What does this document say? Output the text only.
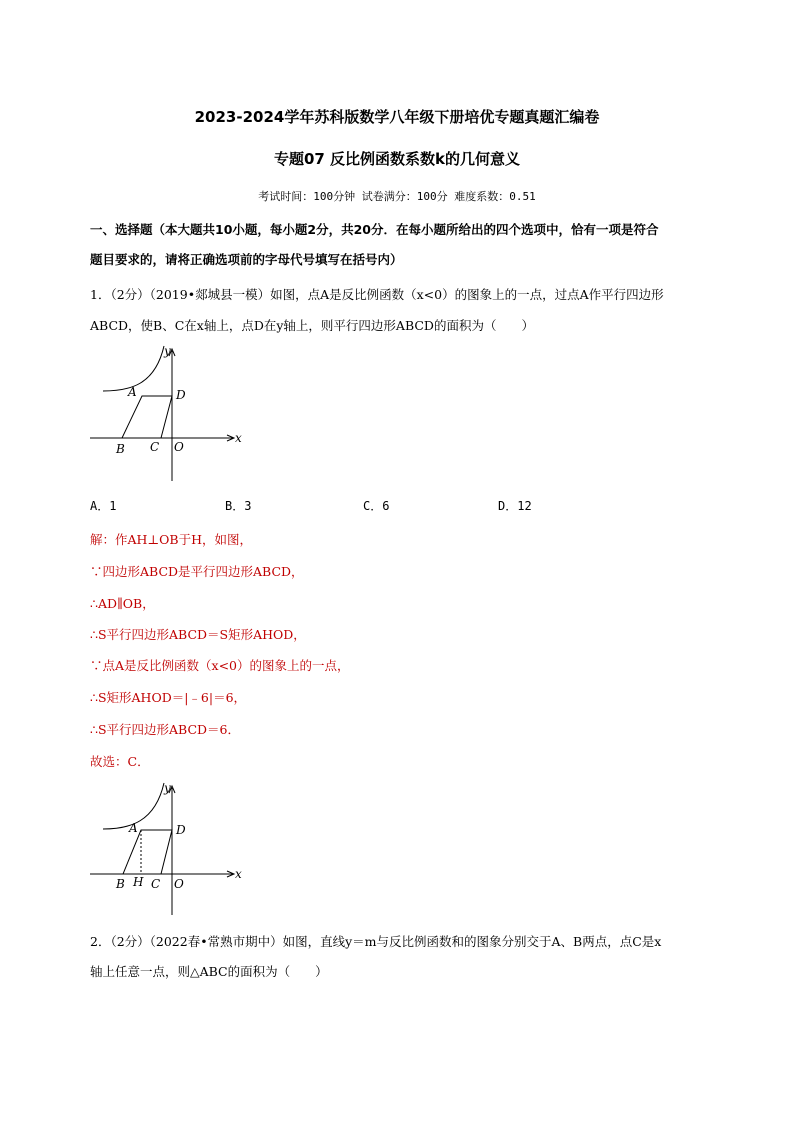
2023-2024学年苏科版数学八年级下册培优专题真题汇编卷
专题07 反比例函数系数k的几何意义
考试时间：100分钟 试卷满分：100分 难度系数：0.51
一、选择题（本大题共10小题，每小题2分，共20分．在每小题所给出的四个选项中，恰有一项是符合
题目要求的，请将正确选项前的字母代号填写在括号内）
1．（2分）（2019•郯城县一模）如图，点A是反比例函数（x<0）的图象上的一点，过点A作平行四边形
ABCD，使B、C在x轴上，点D在y轴上，则平行四边形ABCD的面积为（　　）
y
x
A	D
B C O
A．1	B．3	C．6	D．12
解：作AH⊥OB于H，如图，
∵四边形ABCD是平行四边形ABCD，
∴AD∥OB，
∴S平行四边形ABCD＝S矩形AHOD，
∵点A是反比例函数（x<0）的图象上的一点，
∴S矩形AHOD＝|﹣6|＝6，
∴S平行四边形ABCD＝6．
故选：C．
y
x
A	D
B H C O
2．（2分）（2022春•常熟市期中）如图，直线y＝m与反比例函数和的图象分别交于A、B两点，点C是x
轴上任意一点，则△ABC的面积为（　　）
